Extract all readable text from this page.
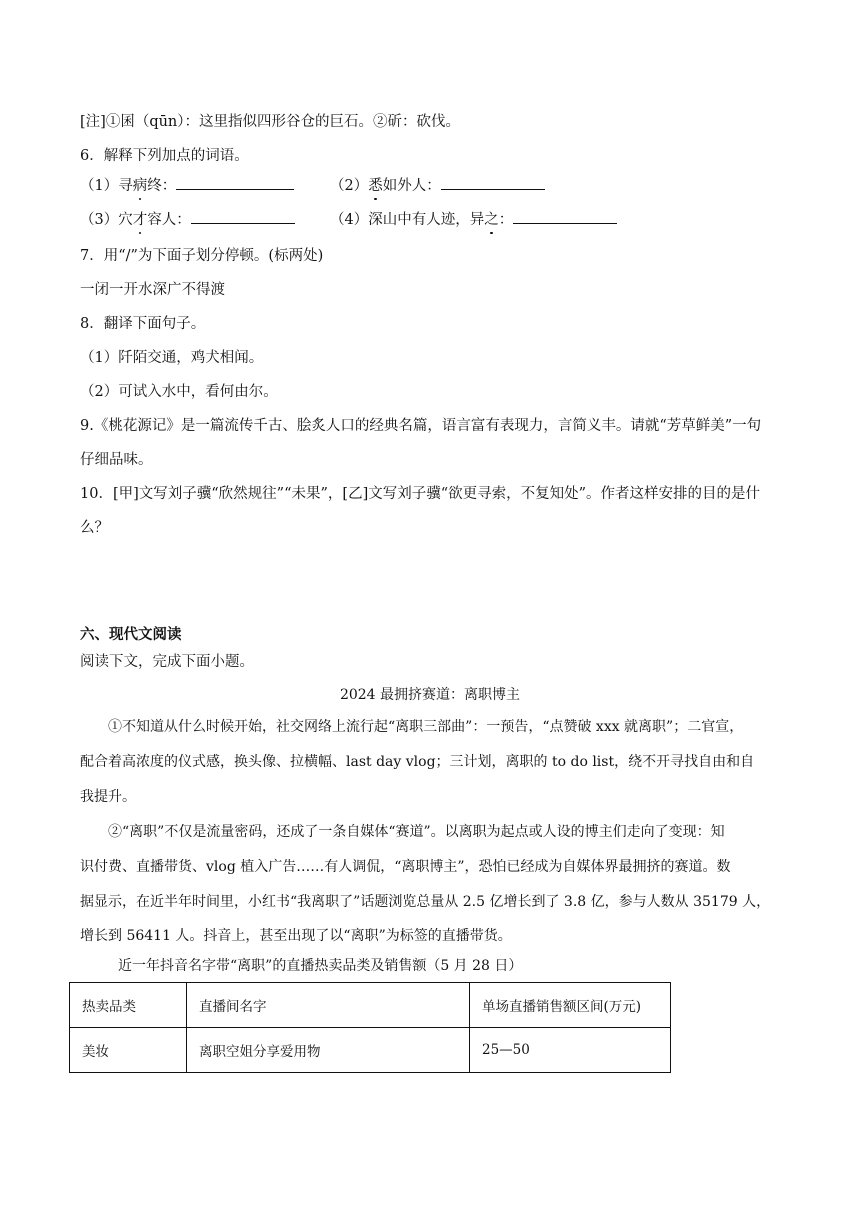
[注]①囷（qūn）：这里指似四形谷仓的巨石。②斫：砍伐。
6．解释下列加点的词语。
（1）寻病终：	（2）悉如外人：
（3）穴才容人：	（4）深山中有人迹，异之：
7．用“/”为下面子划分停顿。(标两处)
一闭一开水深广不得渡
8．翻译下面句子。
（1）阡陌交通，鸡犬相闻。
（2）可试入水中，看何由尔。
9.《桃花源记》是一篇流传千古、脍炙人口的经典名篇，语言富有表现力，言简义丰。请就“芳草鲜美”一句
仔细品味。
10．[甲]文写刘子骥“欣然规往”“未果”，[乙]文写刘子骥“欲更寻索，不复知处”。作者这样安排的目的是什
么？
六、现代文阅读
阅读下文，完成下面小题。
2024 最拥挤赛道：离职博主
①不知道从什么时候开始，社交网络上流行起“离职三部曲”：一预告，“点赞破 xxx 就离职”；二官宣，
配合着高浓度的仪式感，换头像、拉横幅、last day vlog；三计划，离职的 to do list，绕不开寻找自由和自
我提升。
②“离职”不仅是流量密码，还成了一条自媒体“赛道”。以离职为起点或人设的博主们走向了变现：知
识付费、直播带货、vlog 植入广告……有人调侃，“离职博主”，恐怕已经成为自媒体界最拥挤的赛道。数
据显示，在近半年时间里，小红书“我离职了”话题浏览总量从 2.5 亿增长到了 3.8 亿，参与人数从 35179 人，
增长到 56411 人。抖音上，甚至出现了以“离职”为标签的直播带货。
近一年抖音名字带“离职”的直播热卖品类及销售额（5 月 28 日）
热卖品类	直播间名字	单场直播销售额区间(万元)
美妆	离职空姐分享爱用物	25—50
